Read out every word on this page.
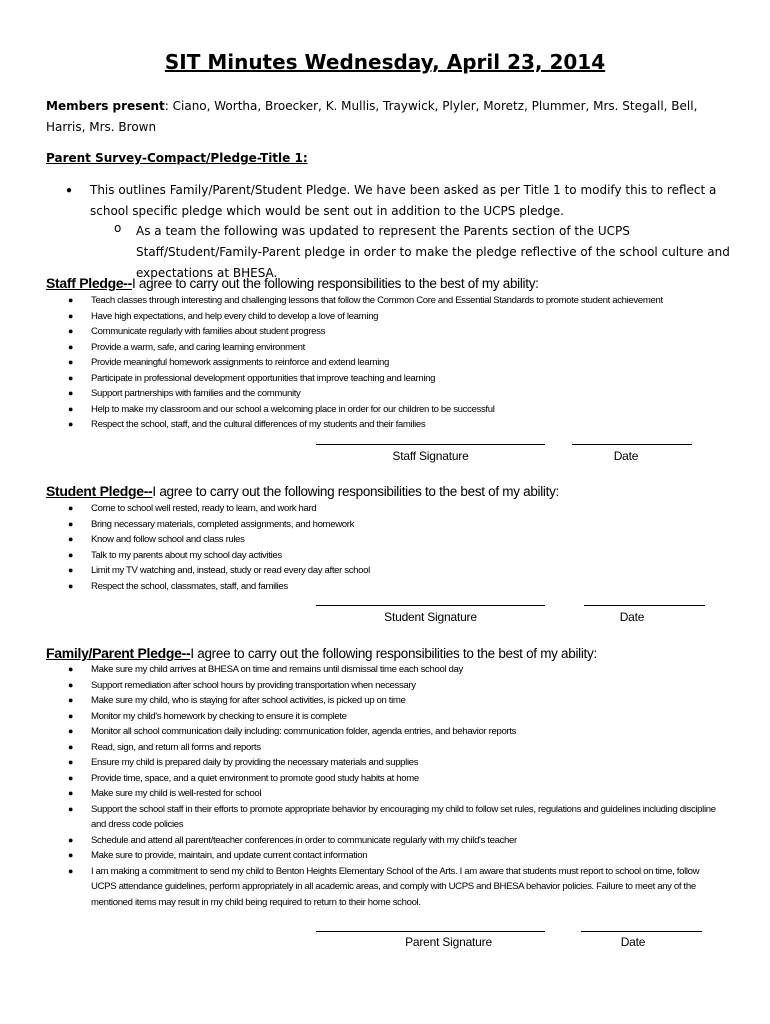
SIT Minutes Wednesday, April 23, 2014
Members present: Ciano, Wortha, Broecker, K. Mullis, Traywick, Plyler, Moretz, Plummer, Mrs. Stegall, Bell, Harris, Mrs. Brown
Parent Survey-Compact/Pledge-Title 1:
● This outlines Family/Parent/Student Pledge. We have been asked as per Title 1 to modify this to reflect a school specific pledge which would be sent out in addition to the UCPS pledge.
o As a team the following was updated to represent the Parents section of the UCPS Staff/Student/Family-Parent pledge in order to make the pledge reflective of the school culture and expectations at BHESA.
Staff Pledge--I agree to carry out the following responsibilities to the best of my ability:
● Teach classes through interesting and challenging lessons that follow the Common Core and Essential Standards to promote student achievement
● Have high expectations, and help every child to develop a love of learning
● Communicate regularly with families about student progress
● Provide a warm, safe, and caring learning environment
● Provide meaningful homework assignments to reinforce and extend learning
● Participate in professional development opportunities that improve teaching and learning
● Support partnerships with families and the community
● Help to make my classroom and our school a welcoming place in order for our children to be successful
● Respect the school, staff, and the cultural differences of my students and their families
Staff Signature	Date
Student Pledge--I agree to carry out the following responsibilities to the best of my ability:
● Come to school well rested, ready to learn, and work hard
● Bring necessary materials, completed assignments, and homework
● Know and follow school and class rules
● Talk to my parents about my school day activities
● Limit my TV watching and, instead, study or read every day after school
● Respect the school, classmates, staff, and families
Student Signature	Date
Family/Parent Pledge--I agree to carry out the following responsibilities to the best of my ability:
● Make sure my child arrives at BHESA on time and remains until dismissal time each school day
● Support remediation after school hours by providing transportation when necessary
● Make sure my child, who is staying for after school activities, is picked up on time
● Monitor my child's homework by checking to ensure it is complete
● Monitor all school communication daily including: communication folder, agenda entries, and behavior reports
● Read, sign, and return all forms and reports
● Ensure my child is prepared daily by providing the necessary materials and supplies
● Provide time, space, and a quiet environment to promote good study habits at home
● Make sure my child is well-rested for school
● Support the school staff in their efforts to promote appropriate behavior by encouraging my child to follow set rules, regulations and guidelines including discipline and dress code policies
● Schedule and attend all parent/teacher conferences in order to communicate regularly with my child's teacher
● Make sure to provide, maintain, and update current contact information
● I am making a commitment to send my child to Benton Heights Elementary School of the Arts. I am aware that students must report to school on time, follow UCPS attendance guidelines, perform appropriately in all academic areas, and comply with UCPS and BHESA behavior policies. Failure to meet any of the mentioned items may result in my child being required to return to their home school.
Parent Signature	Date
